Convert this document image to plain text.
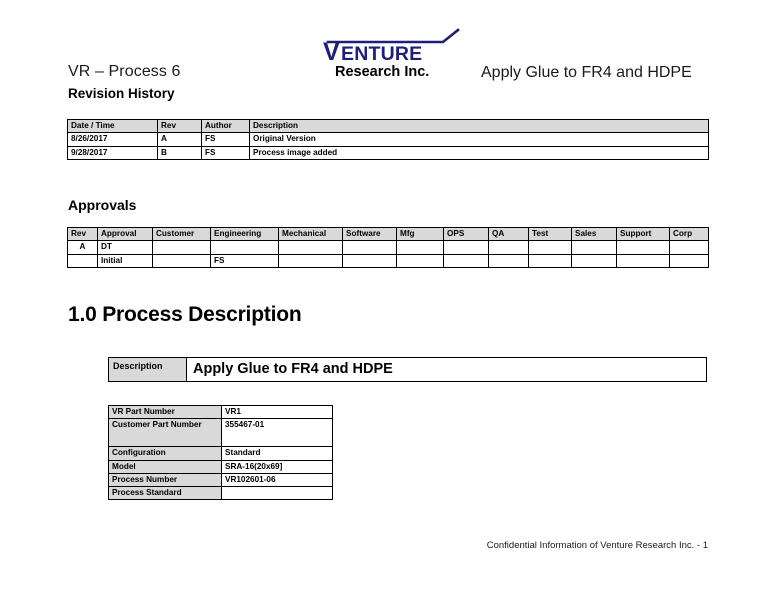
V ENTURE
Research Inc.
VR – Process 6
Revision History
Apply Glue to FR4 and HDPE
Date / Time	Rev	Author	Description
8/26/2017	A	FS	Original Version
9/28/2017	B	FS	Process image added
Approvals
Rev	Approval	Customer	Engineering	Mechanical	Software	Mfg	OPS	QA	Test	Sales	Support	Corp
A	DT											
	Initial		FS									
1.0 Process Description
Description	Apply Glue to FR4 and HDPE
VR Part Number	VR1
Customer Part Number	355467-01
Configuration	Standard
Model	SRA-16(20x69]
Process Number	VR102601-06
Process Standard	
Confidential Information of Venture Research Inc. - 1
